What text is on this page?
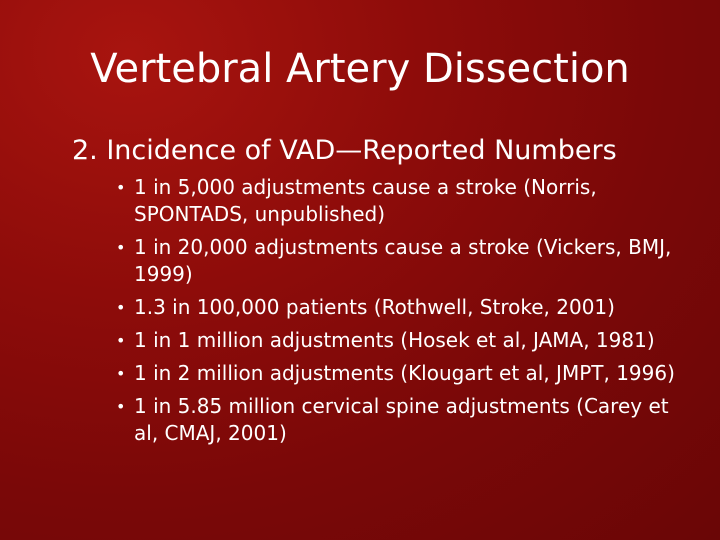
Vertebral Artery Dissection
2. Incidence of VAD—Reported Numbers
• 1 in 5,000 adjustments cause a stroke (Norris, SPONTADS, unpublished)
• 1 in 20,000 adjustments cause a stroke (Vickers, BMJ, 1999)
• 1.3 in 100,000 patients (Rothwell, Stroke, 2001)
• 1 in 1 million adjustments (Hosek et al, JAMA, 1981)
• 1 in 2 million adjustments (Klougart et al, JMPT, 1996)
• 1 in 5.85 million cervical spine adjustments (Carey et al, CMAJ, 2001)
